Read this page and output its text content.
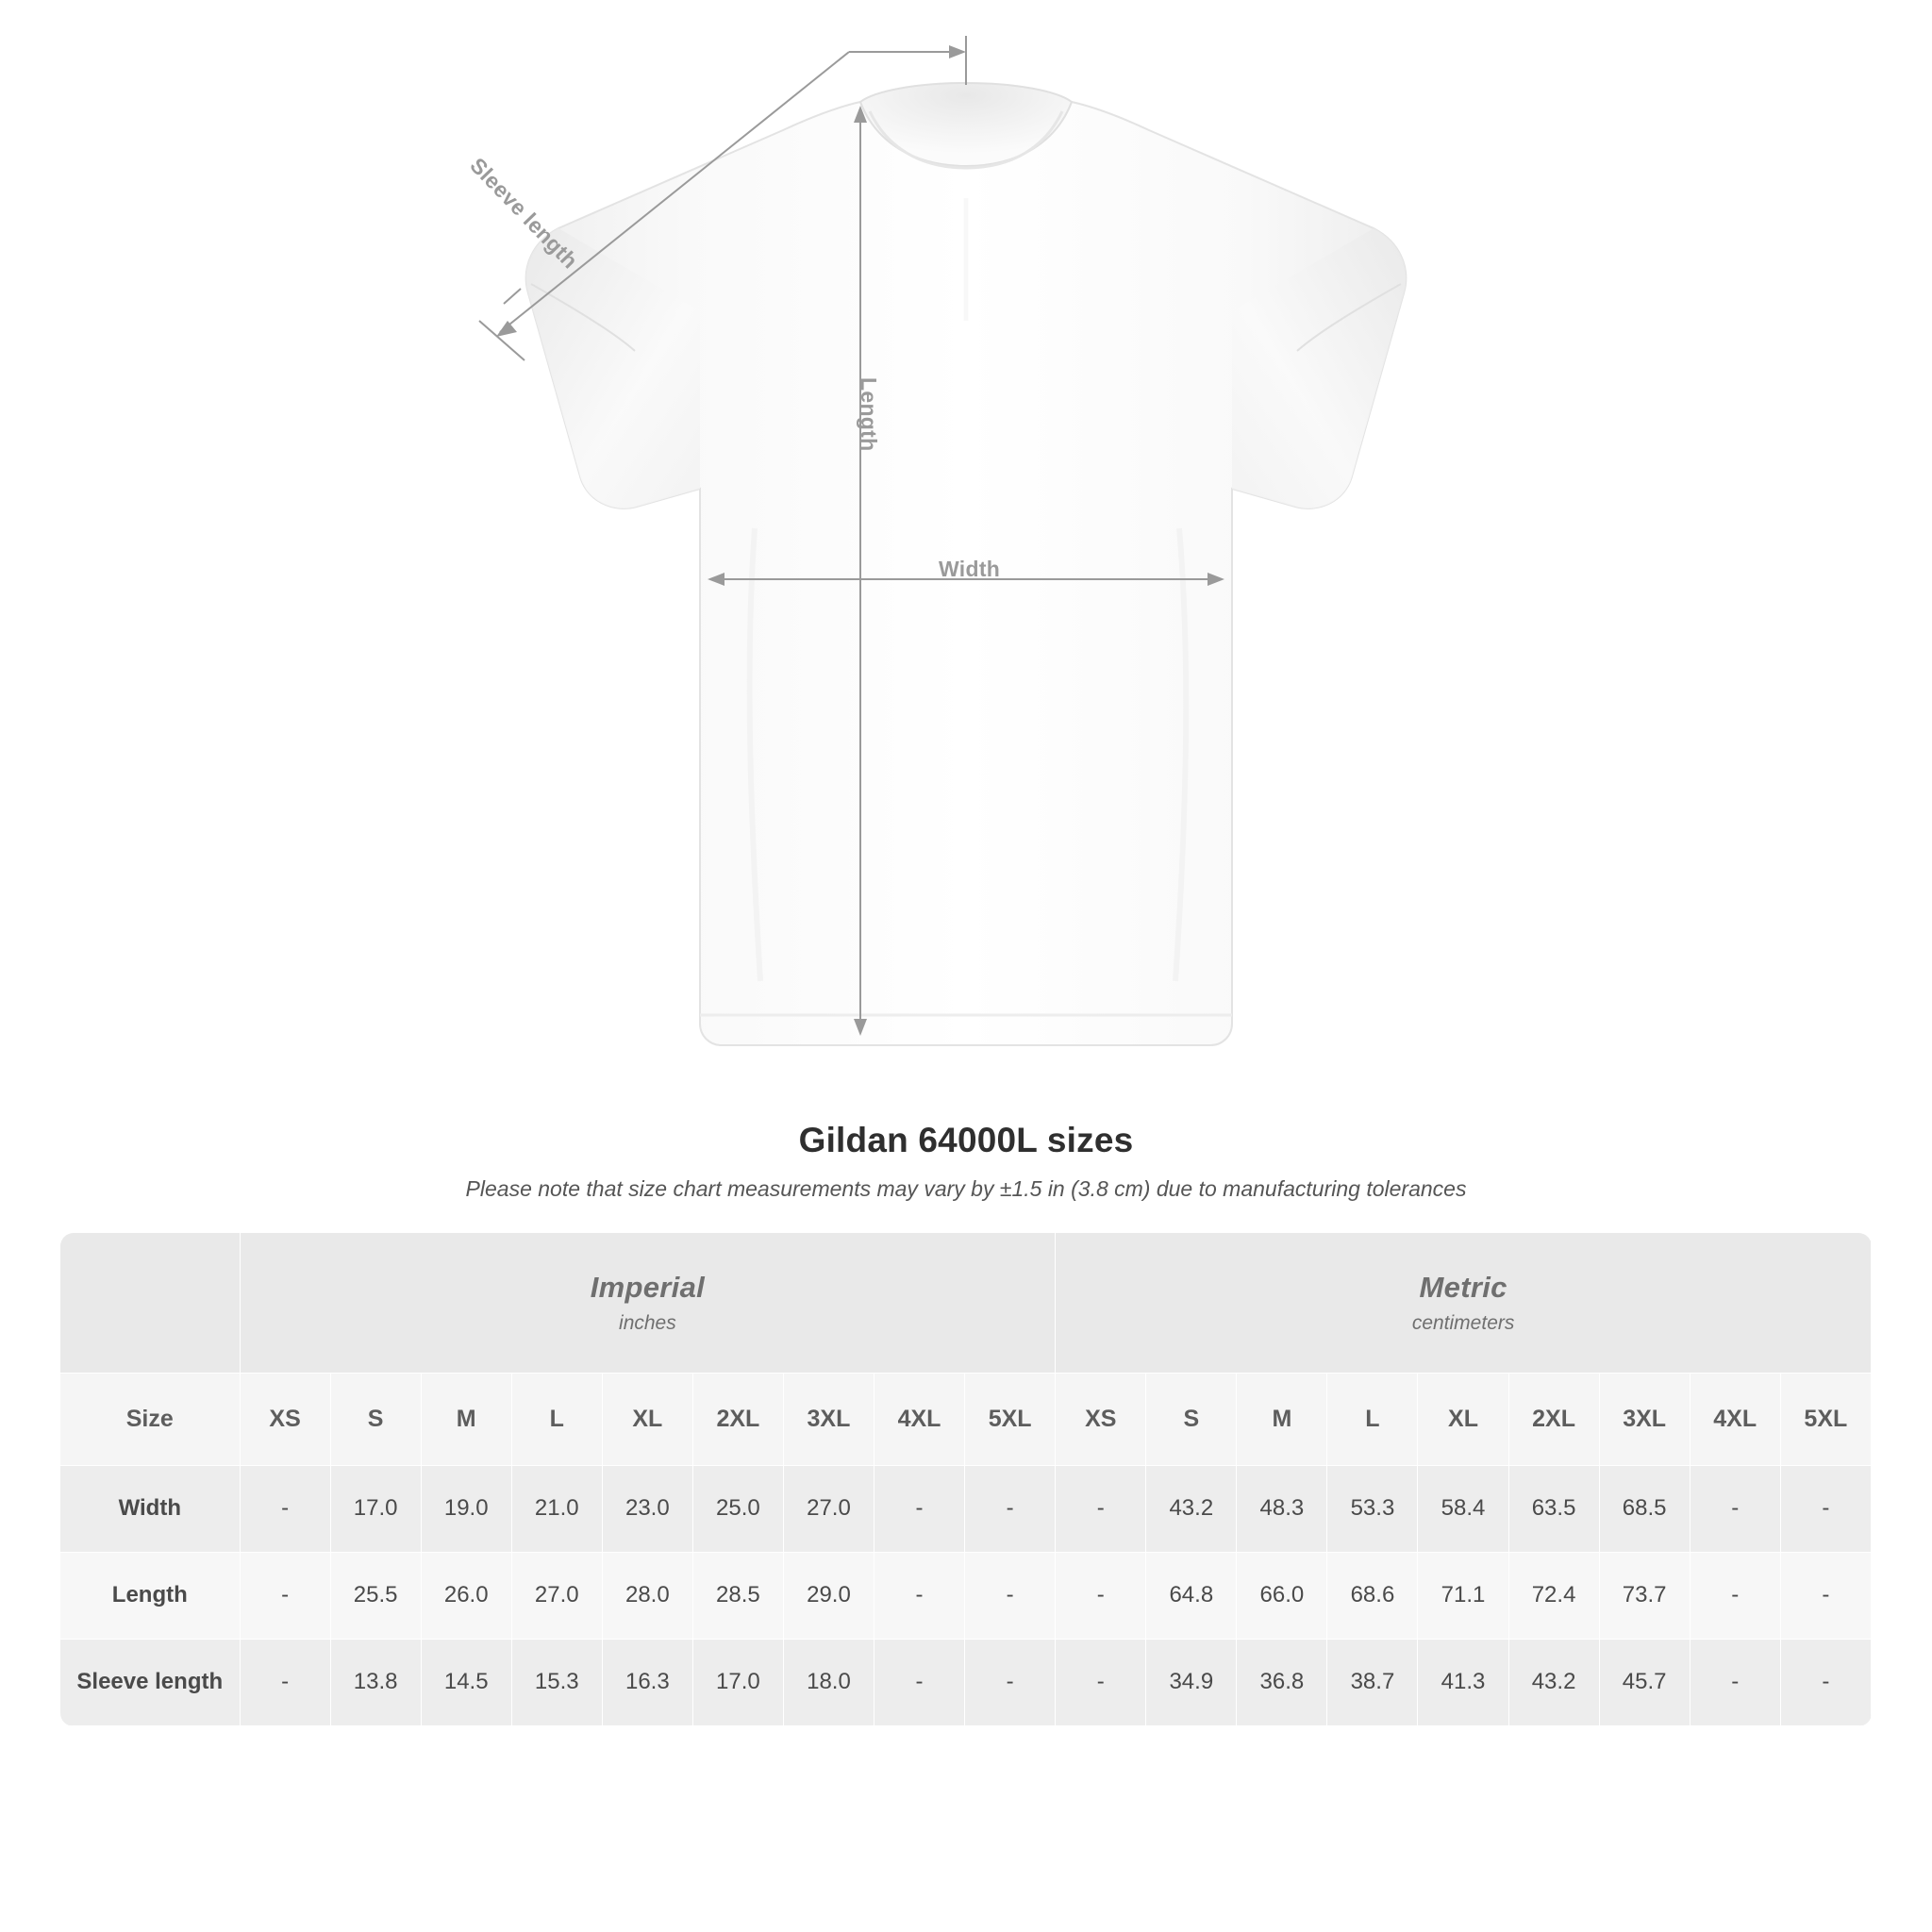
Length
Width
Sleeve length
Gildan 64000L sizes
Please note that size chart measurements may vary by ±1.5 in (3.8 cm) due to manufacturing tolerances

Imperial
inches

Metric
centimeters

Size	XS	S	M	L	XL	2XL	3XL	4XL	5XL	XS	S	M	L	XL	2XL	3XL	4XL	5XL
Width	-	17.0	19.0	21.0	23.0	25.0	27.0	-	-	-	43.2	48.3	53.3	58.4	63.5	68.5	-	-
Length	-	25.5	26.0	27.0	28.0	28.5	29.0	-	-	-	64.8	66.0	68.6	71.1	72.4	73.7	-	-
Sleeve length	-	13.8	14.5	15.3	16.3	17.0	18.0	-	-	-	34.9	36.8	38.7	41.3	43.2	45.7	-	-
